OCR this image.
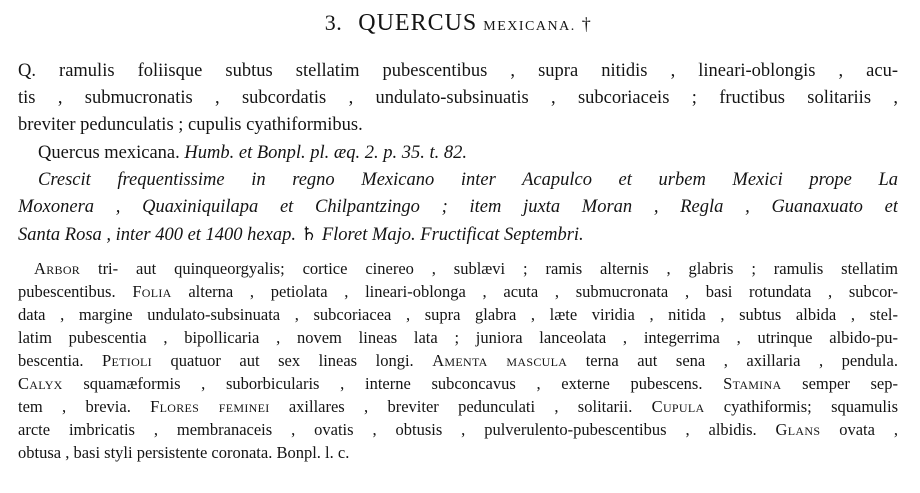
3. QUERCUS MEXICANA. †
Q. ramulis foliisque subtus stellatim pubescentibus , supra nitidis , lineari-oblongis , acu-
tis , submucronatis , subcordatis , undulato-subsinuatis , subcoriaceis ; fructibus solitariis ,
breviter pedunculatis ; cupulis cyathiformibus.
Quercus mexicana. Humb. et Bonpl. pl. æq. 2. p. 35. t. 82.
Crescit frequentissime in regno Mexicano inter Acapulco et urbem Mexici prope La
Moxonera , Quaxiniquilapa et Chilpantzingo ; item juxta Moran , Regla , Guanaxuato et
Santa Rosa , inter 400 et 1400 hexap. ♄ Floret Majo. Fructificat Septembri.
Arbor tri- aut quinqueorgyalis; cortice cinereo , sublævi ; ramis alternis , glabris ; ramulis stellatim
pubescentibus. Folia alterna , petiolata , lineari-oblonga , acuta , submucronata , basi rotundata , subcor-
data , margine undulato-subsinuata , subcoriacea , supra glabra , læte viridia , nitida , subtus albida , stel-
latim pubescentia , bipollicaria , novem lineas lata ; juniora lanceolata , integerrima , utrinque albido-pu-
bescentia. Petioli quatuor aut sex lineas longi. Amenta mascula terna aut sena , axillaria , pendula.
Calyx squamæformis , suborbicularis , interne subconcavus , externe pubescens. Stamina semper sep-
tem , brevia. Flores feminei axillares , breviter pedunculati , solitarii. Cupula cyathiformis; squamulis
arcte imbricatis , membranaceis , ovatis , obtusis , pulverulento-pubescentibus , albidis. Glans ovata ,
obtusa , basi styli persistente coronata. Bonpl. l. c.
